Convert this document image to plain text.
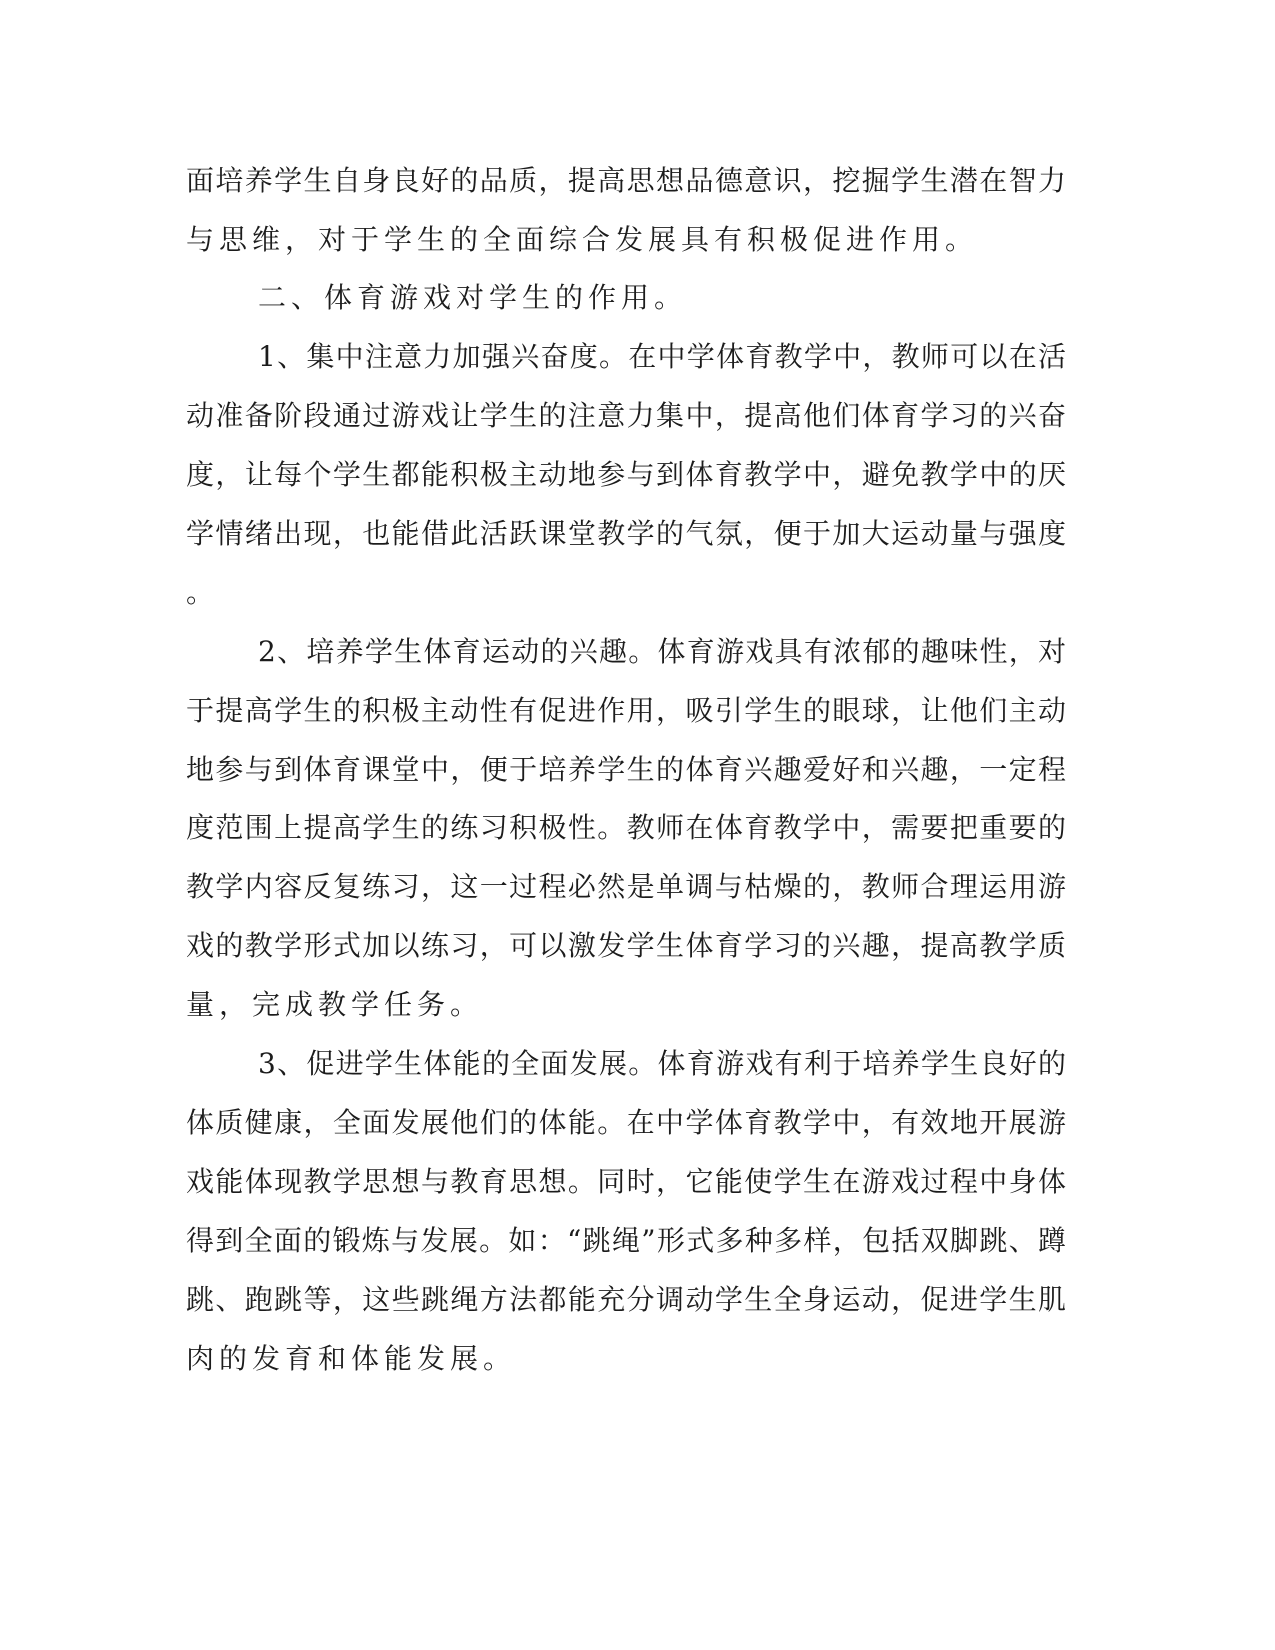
面培养学生自身良好的品质，提高思想品德意识，挖掘学生潜在智力
与思维，对于学生的全面综合发展具有积极促进作用。
二、体育游戏对学生的作用。
1、集中注意力加强兴奋度。在中学体育教学中，教师可以在活
动准备阶段通过游戏让学生的注意力集中，提高他们体育学习的兴奋
度，让每个学生都能积极主动地参与到体育教学中，避免教学中的厌
学情绪出现，也能借此活跃课堂教学的气氛，便于加大运动量与强度
。
2、培养学生体育运动的兴趣。体育游戏具有浓郁的趣味性，对
于提高学生的积极主动性有促进作用，吸引学生的眼球，让他们主动
地参与到体育课堂中，便于培养学生的体育兴趣爱好和兴趣，一定程
度范围上提高学生的练习积极性。教师在体育教学中，需要把重要的
教学内容反复练习，这一过程必然是单调与枯燥的，教师合理运用游
戏的教学形式加以练习，可以激发学生体育学习的兴趣，提高教学质
量，完成教学任务。
3、促进学生体能的全面发展。体育游戏有利于培养学生良好的
体质健康，全面发展他们的体能。在中学体育教学中，有效地开展游
戏能体现教学思想与教育思想。同时，它能使学生在游戏过程中身体
得到全面的锻炼与发展。如：“跳绳”形式多种多样，包括双脚跳、蹲
跳、跑跳等，这些跳绳方法都能充分调动学生全身运动，促进学生肌
肉的发育和体能发展。
